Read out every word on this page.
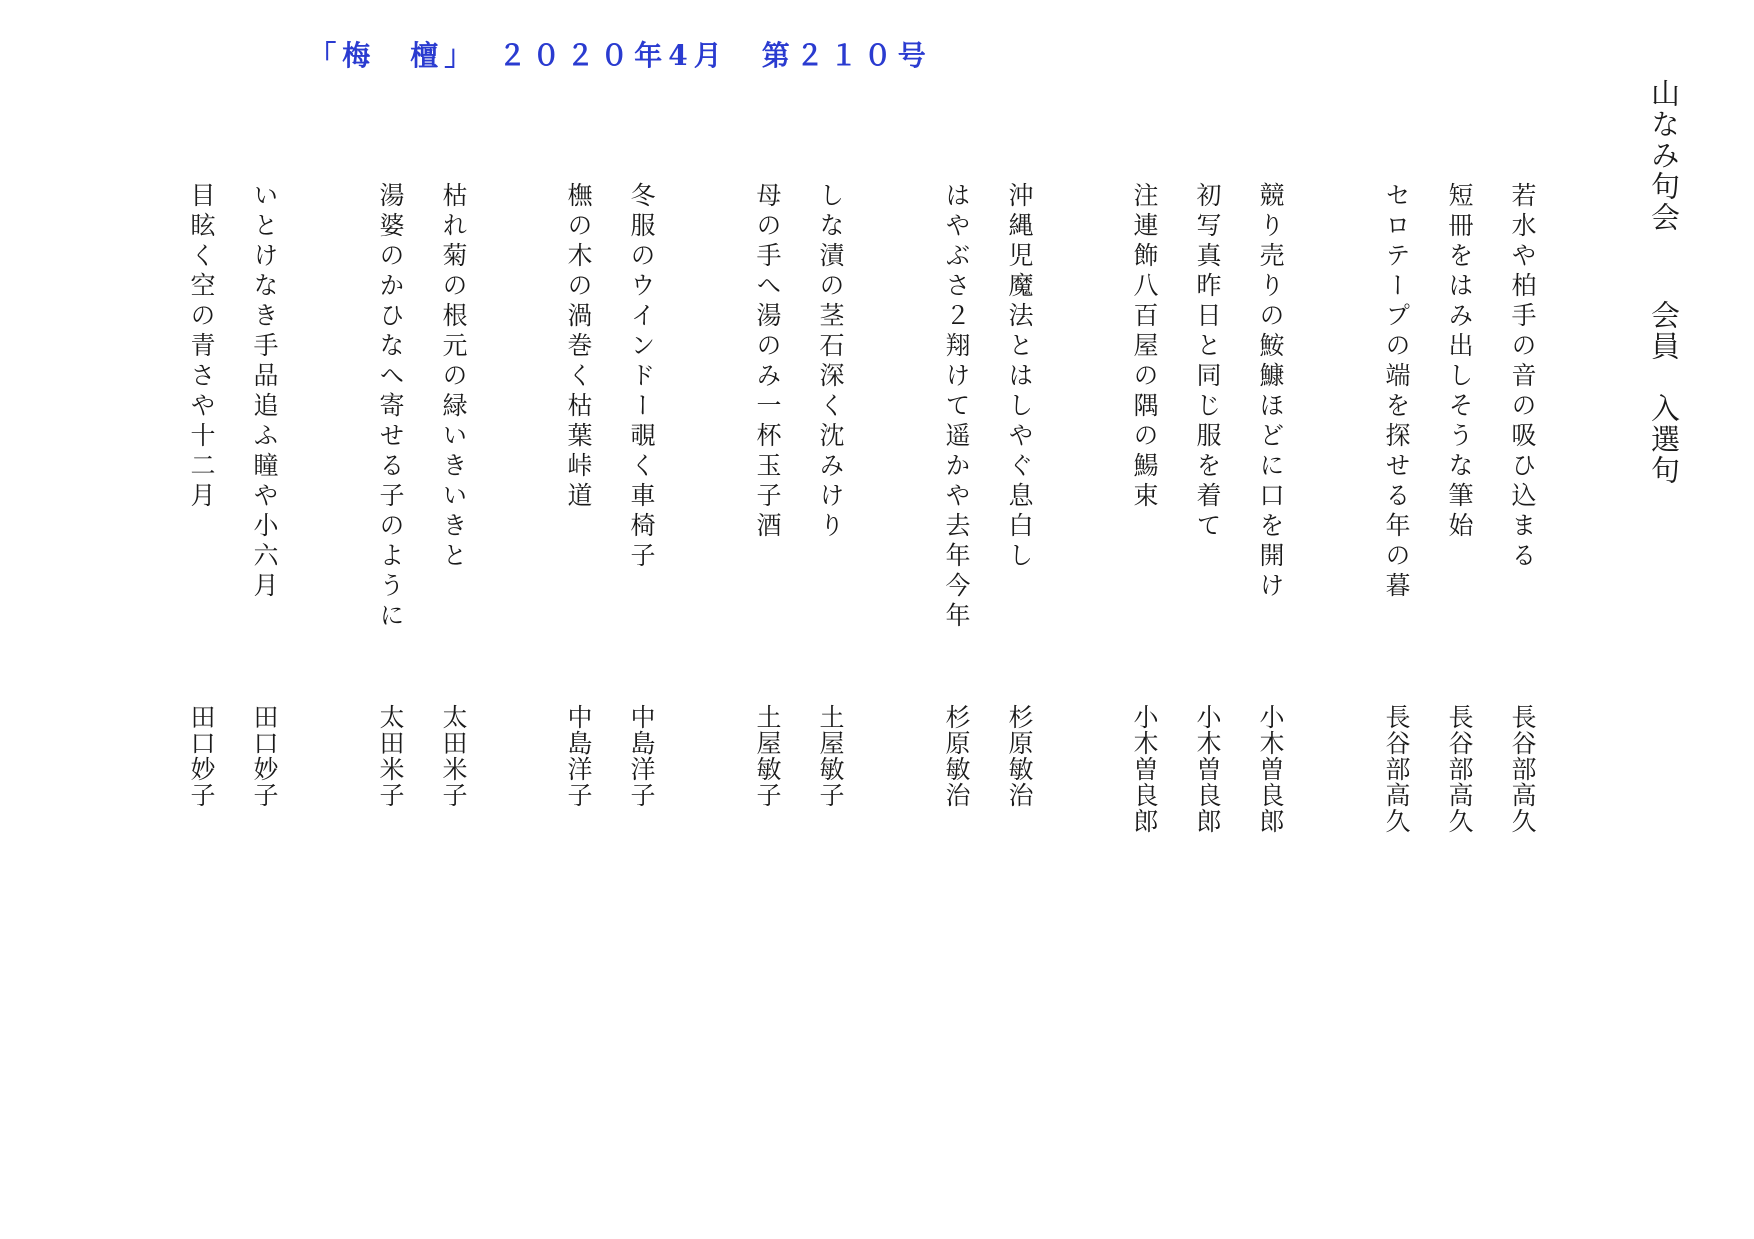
「梅　檀」　２０２０年4月　第２１０号
山なみ句会　 会員　入選句
若水や柏手の音の吸ひ込まる
長谷部高久
短冊をはみ出しそうな筆始
長谷部高久
セロテープの端を探せる年の暮
長谷部高久
競り売りの鮟鱇ほどに口を開け
小木曽良郎
初写真昨日と同じ服を着て
小木曽良郎
注連飾八百屋の隅の鰑束
小木曽良郎
沖縄児魔法とはしやぐ息白し
杉原敏治
はやぶさ２翔けて遥かや去年今年
杉原敏治
しな漬の茎石深く沈みけり
土屋敏子
母の手へ湯のみ一杯玉子酒
土屋敏子
冬服のウインドー覗く車椅子
中島洋子
橅の木の渦巻く枯葉峠道
中島洋子
枯れ菊の根元の緑いきいきと
太田米子
湯婆のかひなへ寄せる子のように
太田米子
いとけなき手品追ふ瞳や小六月
田口妙子
目眩く空の青さや十二月
田口妙子
